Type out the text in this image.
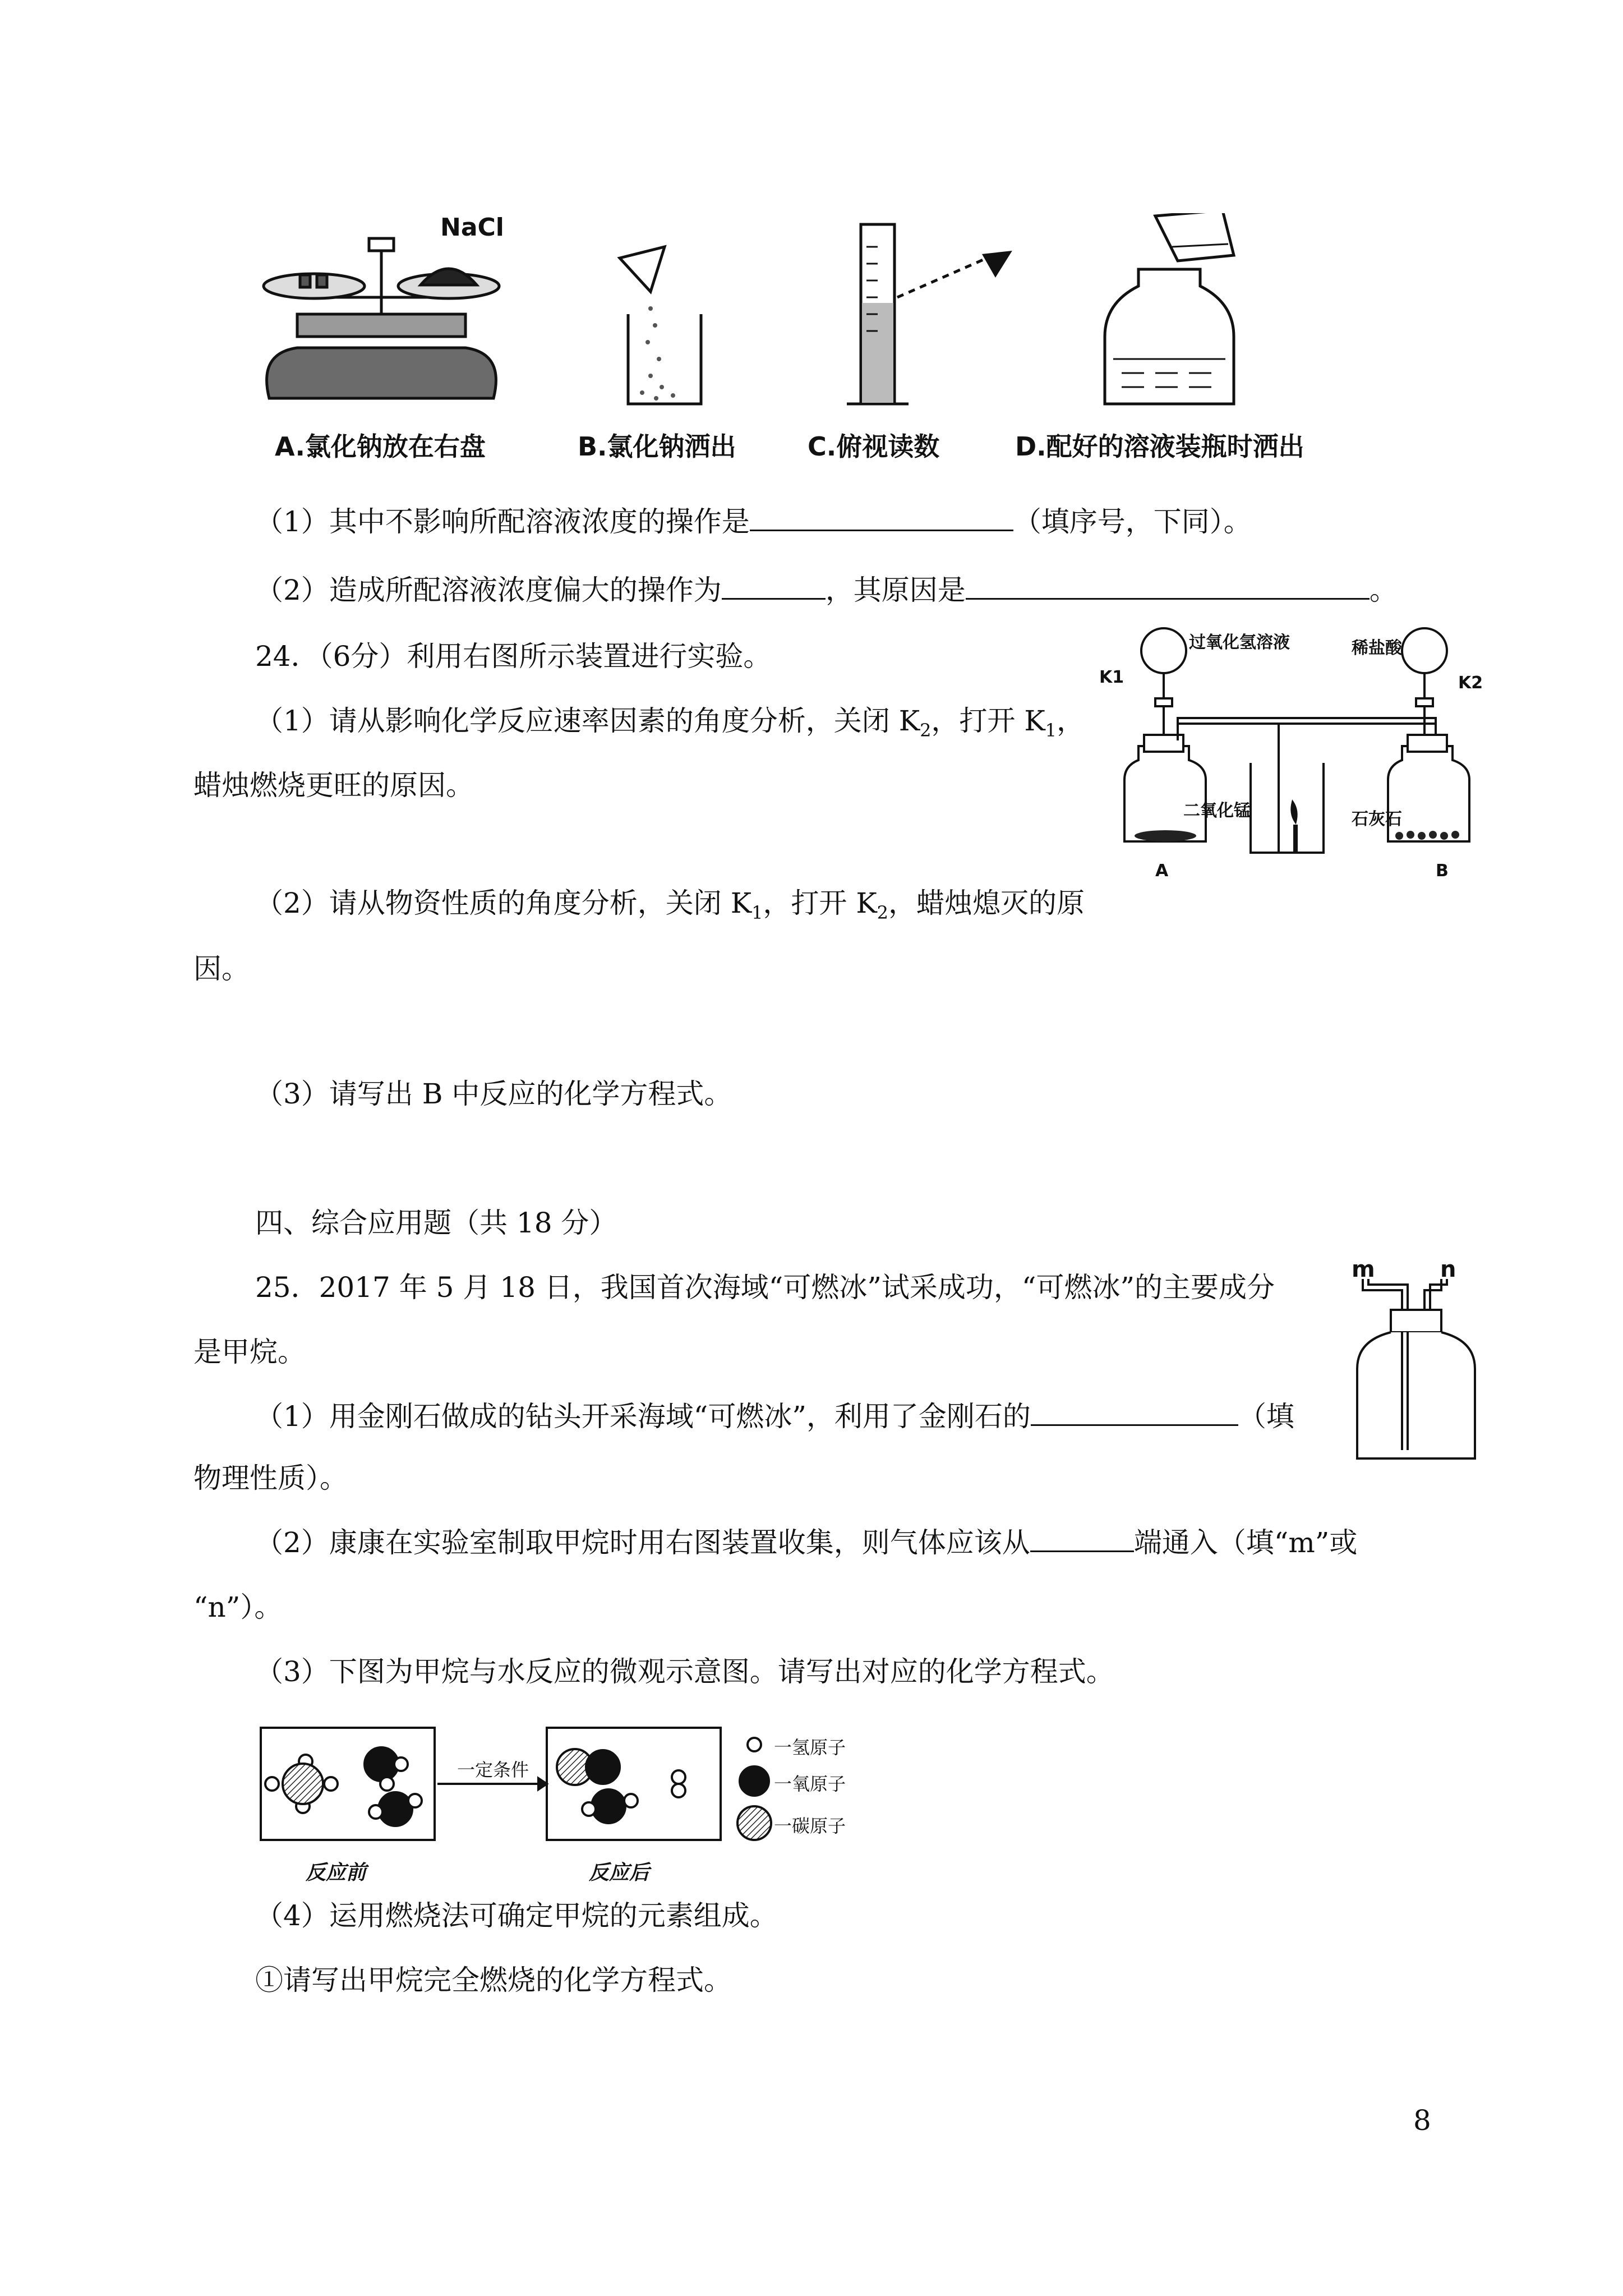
NaCl
A.氯化钠放在右盘	B.氯化钠洒出	C.俯视读数	D.配好的溶液装瓶时洒出
（1）其中不影响所配溶液浓度的操作是	（填序号，下同）。
（2）造成所配溶液浓度偏大的操作为	，其原因是	。
24．（6分）利用右图所示装置进行实验。
（1）请从影响化学反应速率因素的角度分析，关闭 $K_2$，打开 $K_1$，
蜡烛燃烧更旺的原因。
K1	K2
过氧化氢溶液	稀盐酸
二氧化锰	石灰石
A	B
（2）请从物资性质的角度分析，关闭 $K_1$，打开 $K_2$，蜡烛熄灭的原
因。
（3）请写出 B 中反应的化学方程式。
四、综合应用题（共 18 分）
25．2017 年 5 月 18 日，我国首次海域“可燃冰”试采成功，“可燃冰”的主要成分
是甲烷。
m	n
（1）用金刚石做成的钻头开采海域“可燃冰”，利用了金刚石的	（填
物理性质）。
（2）康康在实验室制取甲烷时用右图装置收集，则气体应该从	端通入（填“m”或
“n”）。
（3）下图为甲烷与水反应的微观示意图。请写出对应的化学方程式。
一定条件
一氢原子
一氧原子
一碳原子
反应前	反应后
（4）运用燃烧法可确定甲烷的元素组成。
①请写出甲烷完全燃烧的化学方程式。
8
